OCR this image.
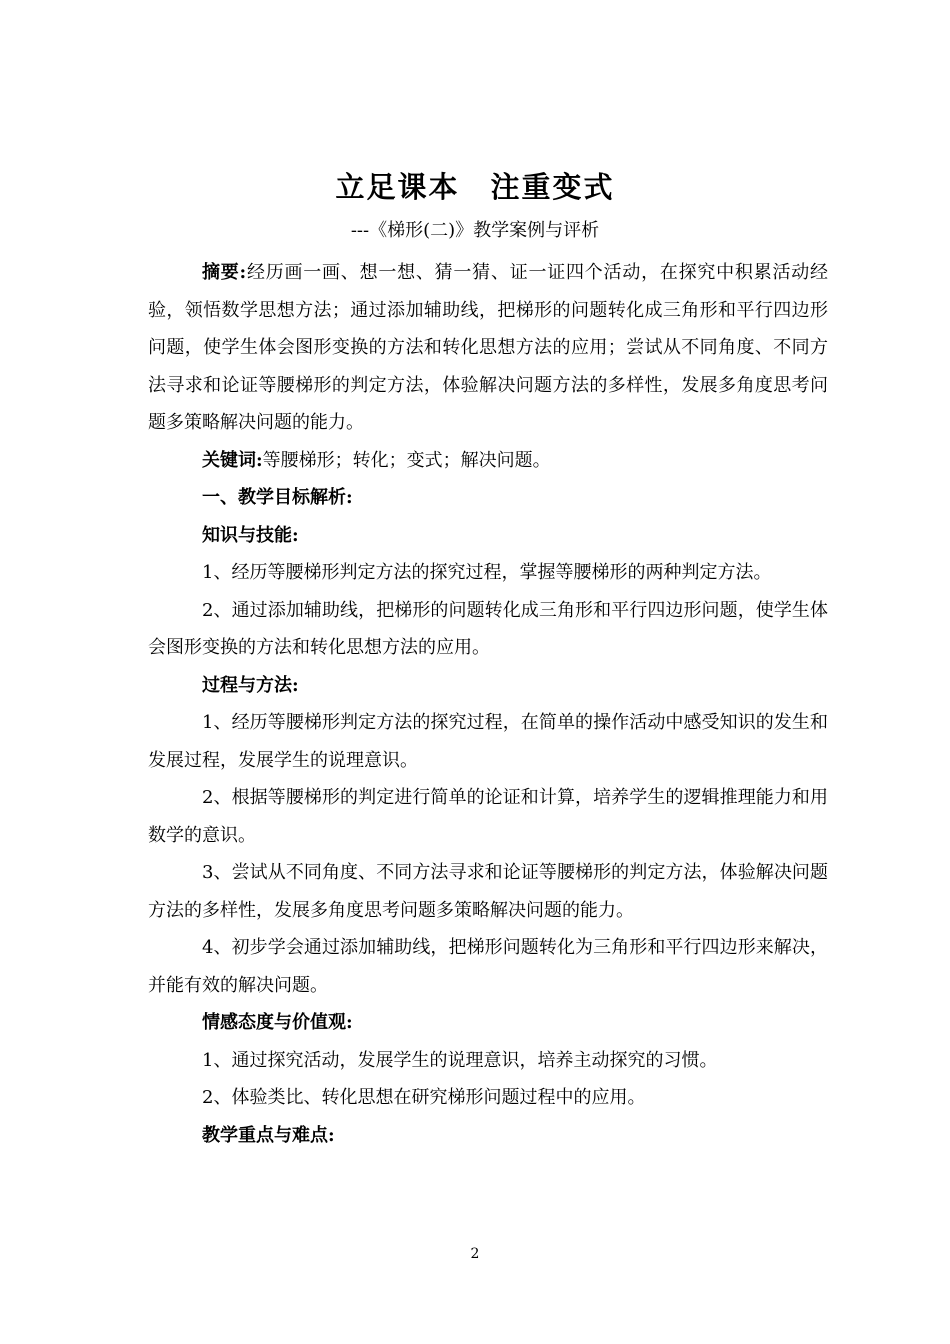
立足课本　注重变式
---《梯形(二)》教学案例与评析

摘要:经历画一画、想一想、猜一猜、证一证四个活动，在探究中积累活动经验，领悟数学思想方法；通过添加辅助线，把梯形的问题转化成三角形和平行四边形问题，使学生体会图形变换的方法和转化思想方法的应用；尝试从不同角度、不同方法寻求和论证等腰梯形的判定方法，体验解决问题方法的多样性，发展多角度思考问题多策略解决问题的能力。

关键词:等腰梯形；转化；变式；解决问题。

一、教学目标解析:

知识与技能:

1、经历等腰梯形判定方法的探究过程，掌握等腰梯形的两种判定方法。

2、通过添加辅助线，把梯形的问题转化成三角形和平行四边形问题，使学生体会图形变换的方法和转化思想方法的应用。

过程与方法:

1、经历等腰梯形判定方法的探究过程，在简单的操作活动中感受知识的发生和发展过程，发展学生的说理意识。

2、根据等腰梯形的判定进行简单的论证和计算，培养学生的逻辑推理能力和用数学的意识。

3、尝试从不同角度、不同方法寻求和论证等腰梯形的判定方法，体验解决问题方法的多样性，发展多角度思考问题多策略解决问题的能力。

4、初步学会通过添加辅助线，把梯形问题转化为三角形和平行四边形来解决，并能有效的解决问题。

情感态度与价值观:

1、通过探究活动，发展学生的说理意识，培养主动探究的习惯。

2、体验类比、转化思想在研究梯形问题过程中的应用。

教学重点与难点:

2
